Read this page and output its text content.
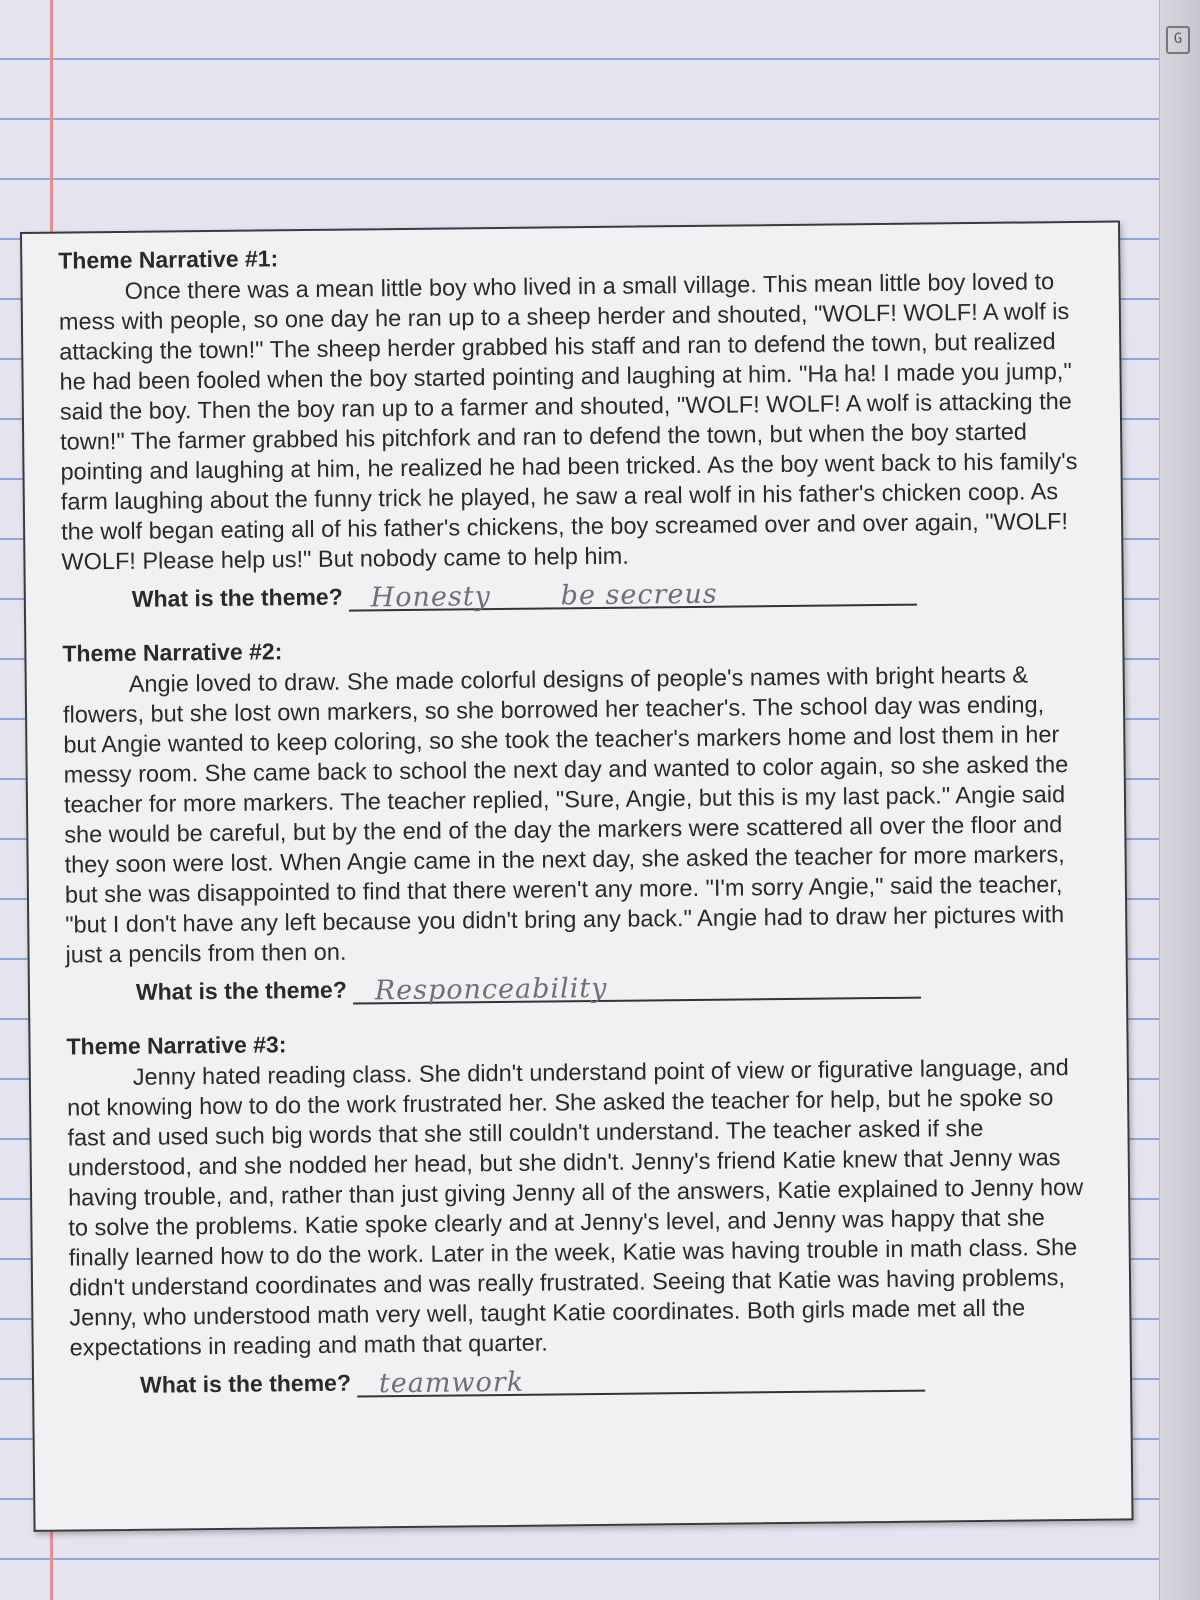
G

Theme Narrative #1:

Once there was a mean little boy who lived in a small village. This mean little boy loved to mess with people, so one day he ran up to a sheep herder and shouted, "WOLF! WOLF! A wolf is attacking the town!" The sheep herder grabbed his staff and ran to defend the town, but realized he had been fooled when the boy started pointing and laughing at him. "Ha ha! I made you jump," said the boy. Then the boy ran up to a farmer and shouted, "WOLF! WOLF! A wolf is attacking the town!" The farmer grabbed his pitchfork and ran to defend the town, but when the boy started pointing and laughing at him, he realized he had been tricked. As the boy went back to his family's farm laughing about the funny trick he played, he saw a real wolf in his father's chicken coop. As the wolf began eating all of his father's chickens, the boy screamed over and over again, "WOLF! WOLF! Please help us!" But nobody came to help him.

What is the theme? Honesty	be secreus

Theme Narrative #2:

Angie loved to draw. She made colorful designs of people's names with bright hearts & flowers, but she lost own markers, so she borrowed her teacher's. The school day was ending, but Angie wanted to keep coloring, so she took the teacher's markers home and lost them in her messy room. She came back to school the next day and wanted to color again, so she asked the teacher for more markers. The teacher replied, "Sure, Angie, but this is my last pack." Angie said she would be careful, but by the end of the day the markers were scattered all over the floor and they soon were lost. When Angie came in the next day, she asked the teacher for more markers, but she was disappointed to find that there weren't any more. "I'm sorry Angie," said the teacher, "but I don't have any left because you didn't bring any back." Angie had to draw her pictures with just a pencils from then on.

What is the theme? Responceability

Theme Narrative #3:

Jenny hated reading class. She didn't understand point of view or figurative language, and not knowing how to do the work frustrated her. She asked the teacher for help, but he spoke so fast and used such big words that she still couldn't understand. The teacher asked if she understood, and she nodded her head, but she didn't. Jenny's friend Katie knew that Jenny was having trouble, and, rather than just giving Jenny all of the answers, Katie explained to Jenny how to solve the problems. Katie spoke clearly and at Jenny's level, and Jenny was happy that she finally learned how to do the work. Later in the week, Katie was having trouble in math class. She didn't understand coordinates and was really frustrated. Seeing that Katie was having problems, Jenny, who understood math very well, taught Katie coordinates. Both girls made met all the expectations in reading and math that quarter.

What is the theme? teamwork
